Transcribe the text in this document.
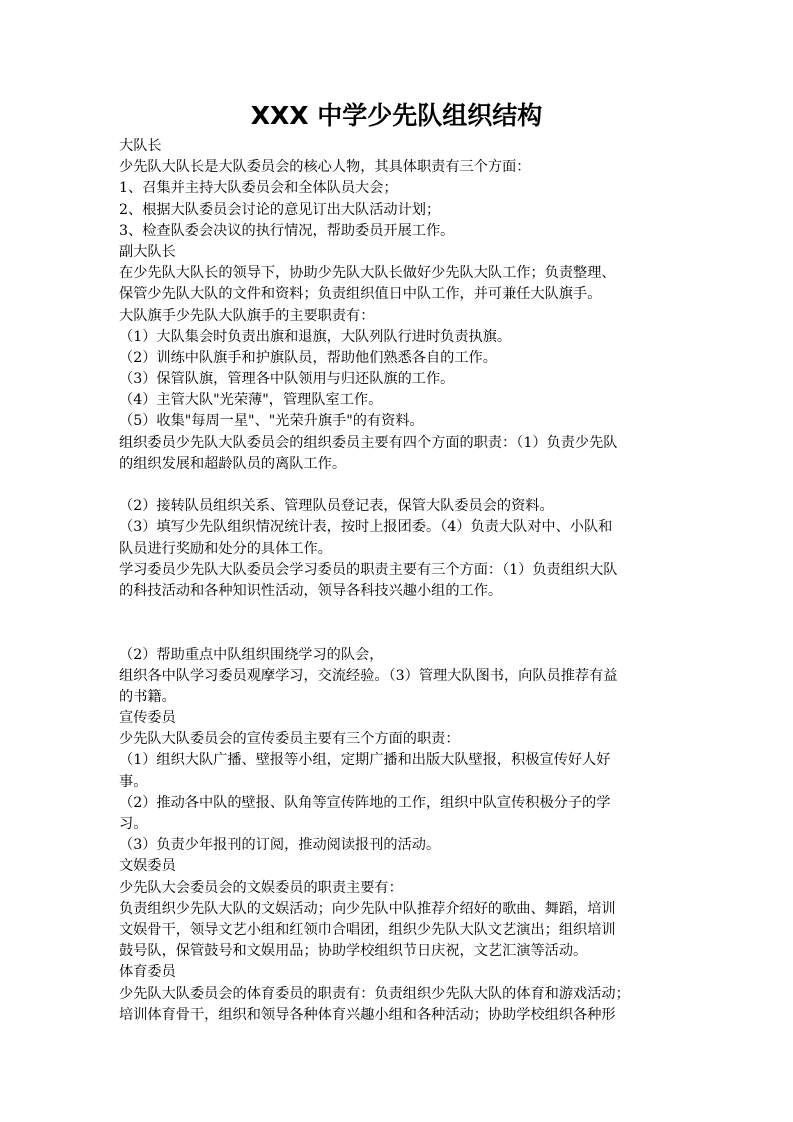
XXX 中学少先队组织结构

大队长

少先队大队长是大队委员会的核心人物，其具体职责有三个方面：

1、召集并主持大队委员会和全体队员大会；

2、根据大队委员会讨论的意见订出大队活动计划；

3、检查队委会决议的执行情况，帮助委员开展工作。

副大队长

在少先队大队长的领导下，协助少先队大队长做好少先队大队工作；负责整理、

保管少先队大队的文件和资料；负责组织值日中队工作，并可兼任大队旗手。

大队旗手少先队大队旗手的主要职责有：

（1）大队集会时负责出旗和退旗，大队列队行进时负责执旗。

（2）训练中队旗手和护旗队员，帮助他们熟悉各自的工作。

（3）保管队旗，管理各中队领用与归还队旗的工作。

（4）主管大队"光荣薄"，管理队室工作。

（5）收集"每周一星"、"光荣升旗手"的有资料。

组织委员少先队大队委员会的组织委员主要有四个方面的职责：（1）负责少先队

的组织发展和超龄队员的离队工作。

（2）接转队员组织关系、管理队员登记表，保管大队委员会的资料。

（3）填写少先队组织情况统计表，按时上报团委。（4）负责大队对中、小队和

队员进行奖励和处分的具体工作。

学习委员少先队大队委员会学习委员的职责主要有三个方面：（1）负责组织大队

的科技活动和各种知识性活动，领导各科技兴趣小组的工作。

（2）帮助重点中队组织围绕学习的队会，

组织各中队学习委员观摩学习，交流经验。（3）管理大队图书，向队员推荐有益

的书籍。

宣传委员

少先队大队委员会的宣传委员主要有三个方面的职责：

（1）组织大队广播、壁报等小组，定期广播和出版大队壁报，积极宣传好人好

事。

（2）推动各中队的壁报、队角等宣传阵地的工作，组织中队宣传积极分子的学

习。

（3）负责少年报刊的订阅，推动阅读报刊的活动。

文娱委员

少先队大会委员会的文娱委员的职责主要有：

负责组织少先队大队的文娱活动；向少先队中队推荐介绍好的歌曲、舞蹈，培训

文娱骨干，领导文艺小组和红领巾合唱团，组织少先队大队文艺演出；组织培训

鼓号队，保管鼓号和文娱用品；协助学校组织节日庆祝，文艺汇演等活动。

体育委员

少先队大队委员会的体育委员的职责有：负责组织少先队大队的体育和游戏活动；

培训体育骨干，组织和领导各种体育兴趣小组和各种活动；协助学校组织各种形
